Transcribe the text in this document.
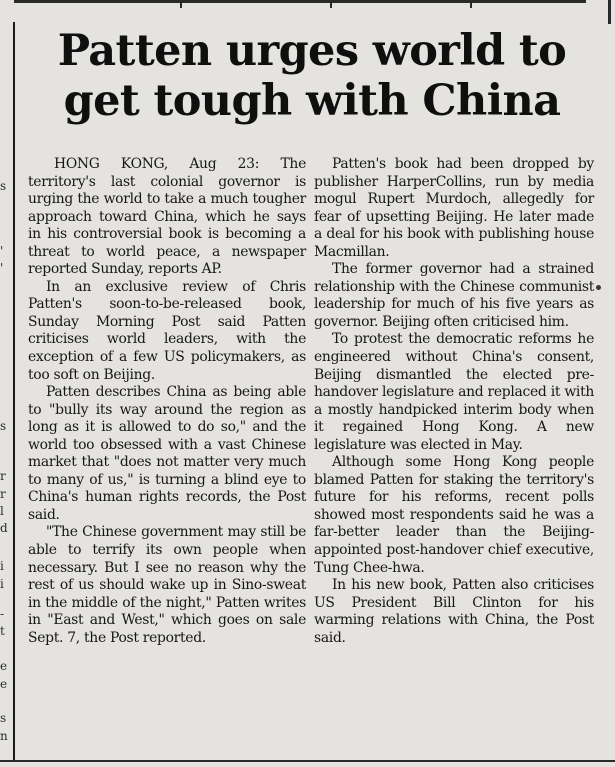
s
'
'
s
r
r
l
d
i
i
-
t
e
e
s
n
Patten urges world to
get tough with China

HONG KONG, Aug 23: The territory's last colonial governor is urging the world to take a much tougher approach toward China, which he says in his controversial book is becoming a threat to world peace, a newspaper reported Sunday, reports AP.

In an exclusive review of Chris Patten's soon-to-be-released book, Sunday Morning Post said Patten criticises world leaders, with the exception of a few US policymakers, as too soft on Beijing.

Patten describes China as being able to "bully its way around the region as long as it is allowed to do so," and the world too obsessed with a vast Chinese market that "does not matter very much to many of us," is turning a blind eye to China's human rights records, the Post said.

"The Chinese government may still be able to terrify its own people when necessary. But I see no reason why the rest of us should wake up in Sino-sweat in the middle of the night," Patten writes in "East and West," which goes on sale Sept. 7, the Post reported.

Patten's book had been dropped by publisher HarperCollins, run by media mogul Rupert Murdoch, allegedly for fear of upsetting Beijing. He later made a deal for his book with publishing house Macmillan.

The former governor had a strained relationship with the Chinese communist leadership for much of his five years as governor. Beijing often criticised him.

To protest the democratic reforms he engineered without China's consent, Beijing dismantled the elected pre-handover legislature and replaced it with a mostly handpicked interim body when it regained Hong Kong. A new legislature was elected in May.

Although some Hong Kong people blamed Patten for staking the territory's future for his reforms, recent polls showed most respondents said he was a far-better leader than the Beijing-appointed post-handover chief executive, Tung Chee-hwa.

In his new book, Patten also criticises US President Bill Clinton for his warming relations with China, the Post said.
